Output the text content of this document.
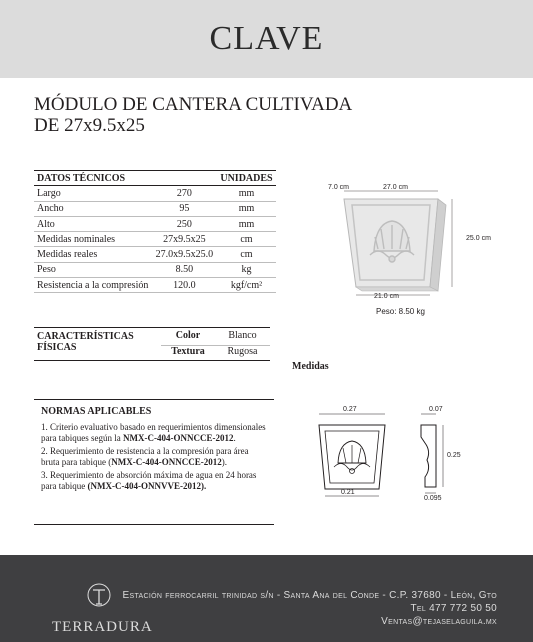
CLAVE
MÓDULO DE CANTERA CULTIVADA
DE 27x9.5x25
DATOS TÉCNICOS		UNIDADES
Largo	270	mm
Ancho	95	mm
Alto	250	mm
Medidas nominales	27x9.5x25	cm
Medidas reales	27.0x9.5x25.0	cm
Peso	8.50	kg
Resistencia a la compresión	120.0	kgf/cm²
7.0 cm	27.0 cm
25.0 cm
21.0 cm
Peso: 8.50 kg
CARACTERÍSTICAS
FÍSICAS
Color	Blanco
Textura	Rugosa
Medidas
NORMAS APLICABLES

1. Criterio evaluativo basado en requerimientos dimensionales para tabiques según la NMX-C-404-ONNCCE-2012.

2. Requerimiento de resistencia a la compresión para área bruta para tabique (NMX-C-404-ONNCCE-2012).

3. Requerimiento de absorción máxima de agua en 24 horas para tabique (NMX-C-404-ONNVVE-2012).

0.27
0.21
0.07
0.25
0.095
TERRADURA
Estación ferrocarril trinidad s/n - Santa Ana del Conde - C.P. 37680 - León, Gto
Tel 477 772 50 50
Ventas@tejaselaguila.mx
